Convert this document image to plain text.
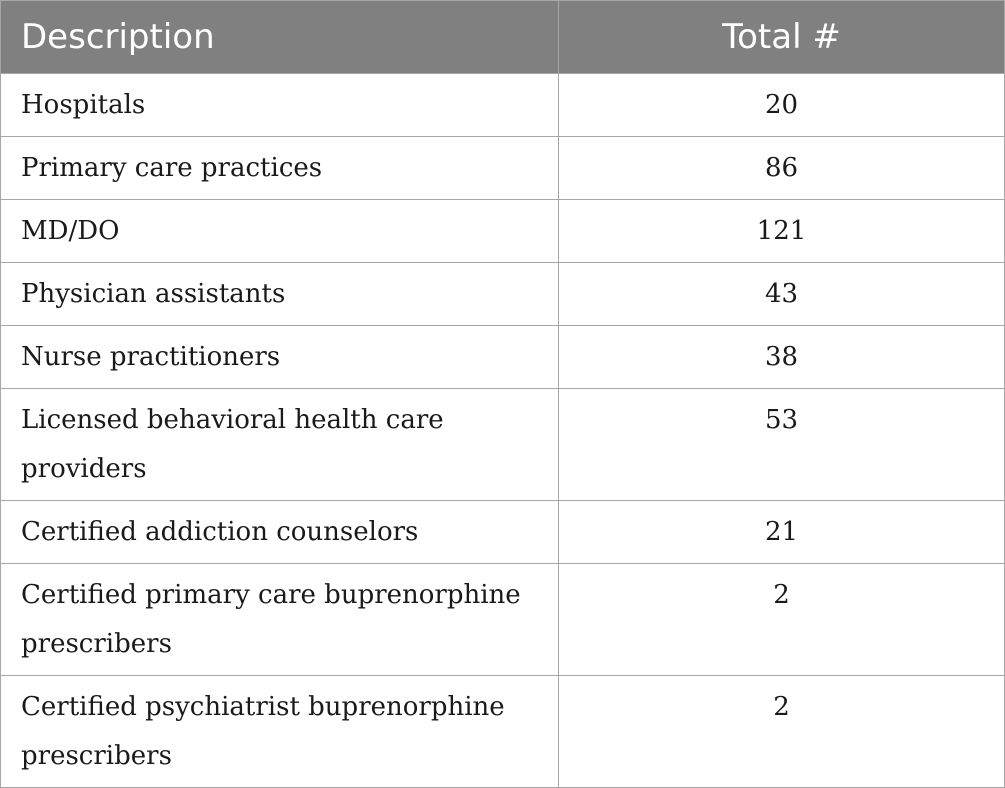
Description	Total #
Hospitals	20
Primary care practices	86
MD/DO	121
Physician assistants	43
Nurse practitioners	38
Licensed behavioral health care providers	53
Certified addiction counselors	21
Certified primary care buprenorphine prescribers	2
Certified psychiatrist buprenorphine prescribers	2
